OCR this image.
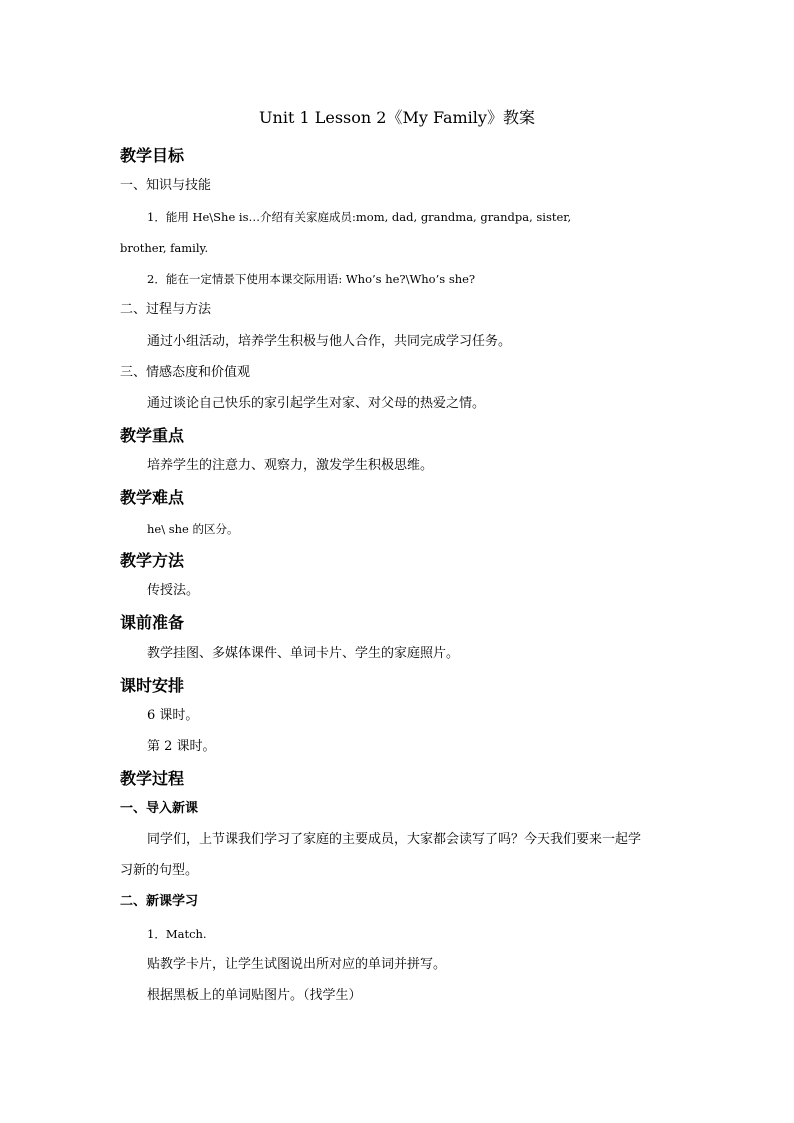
Unit 1 Lesson 2《My Family》教案
教学目标
一、知识与技能
1．能用 He\She is…介绍有关家庭成员:mom, dad, grandma, grandpa, sister,
brother, family.
2．能在一定情景下使用本课交际用语: Who’s he?\Who’s she?
二、过程与方法
通过小组活动，培养学生积极与他人合作，共同完成学习任务。
三、情感态度和价值观
通过谈论自己快乐的家引起学生对家、对父母的热爱之情。
教学重点
培养学生的注意力、观察力，激发学生积极思维。
教学难点
he\ she 的区分。
教学方法
传授法。
课前准备
教学挂图、多媒体课件、单词卡片、学生的家庭照片。
课时安排
6 课时。
第 2 课时。
教学过程
一、导入新课
同学们，上节课我们学习了家庭的主要成员，大家都会读写了吗？今天我们要来一起学
习新的句型。
二、新课学习
1．Match.
贴教学卡片，让学生试图说出所对应的单词并拼写。
根据黑板上的单词贴图片。（找学生）
